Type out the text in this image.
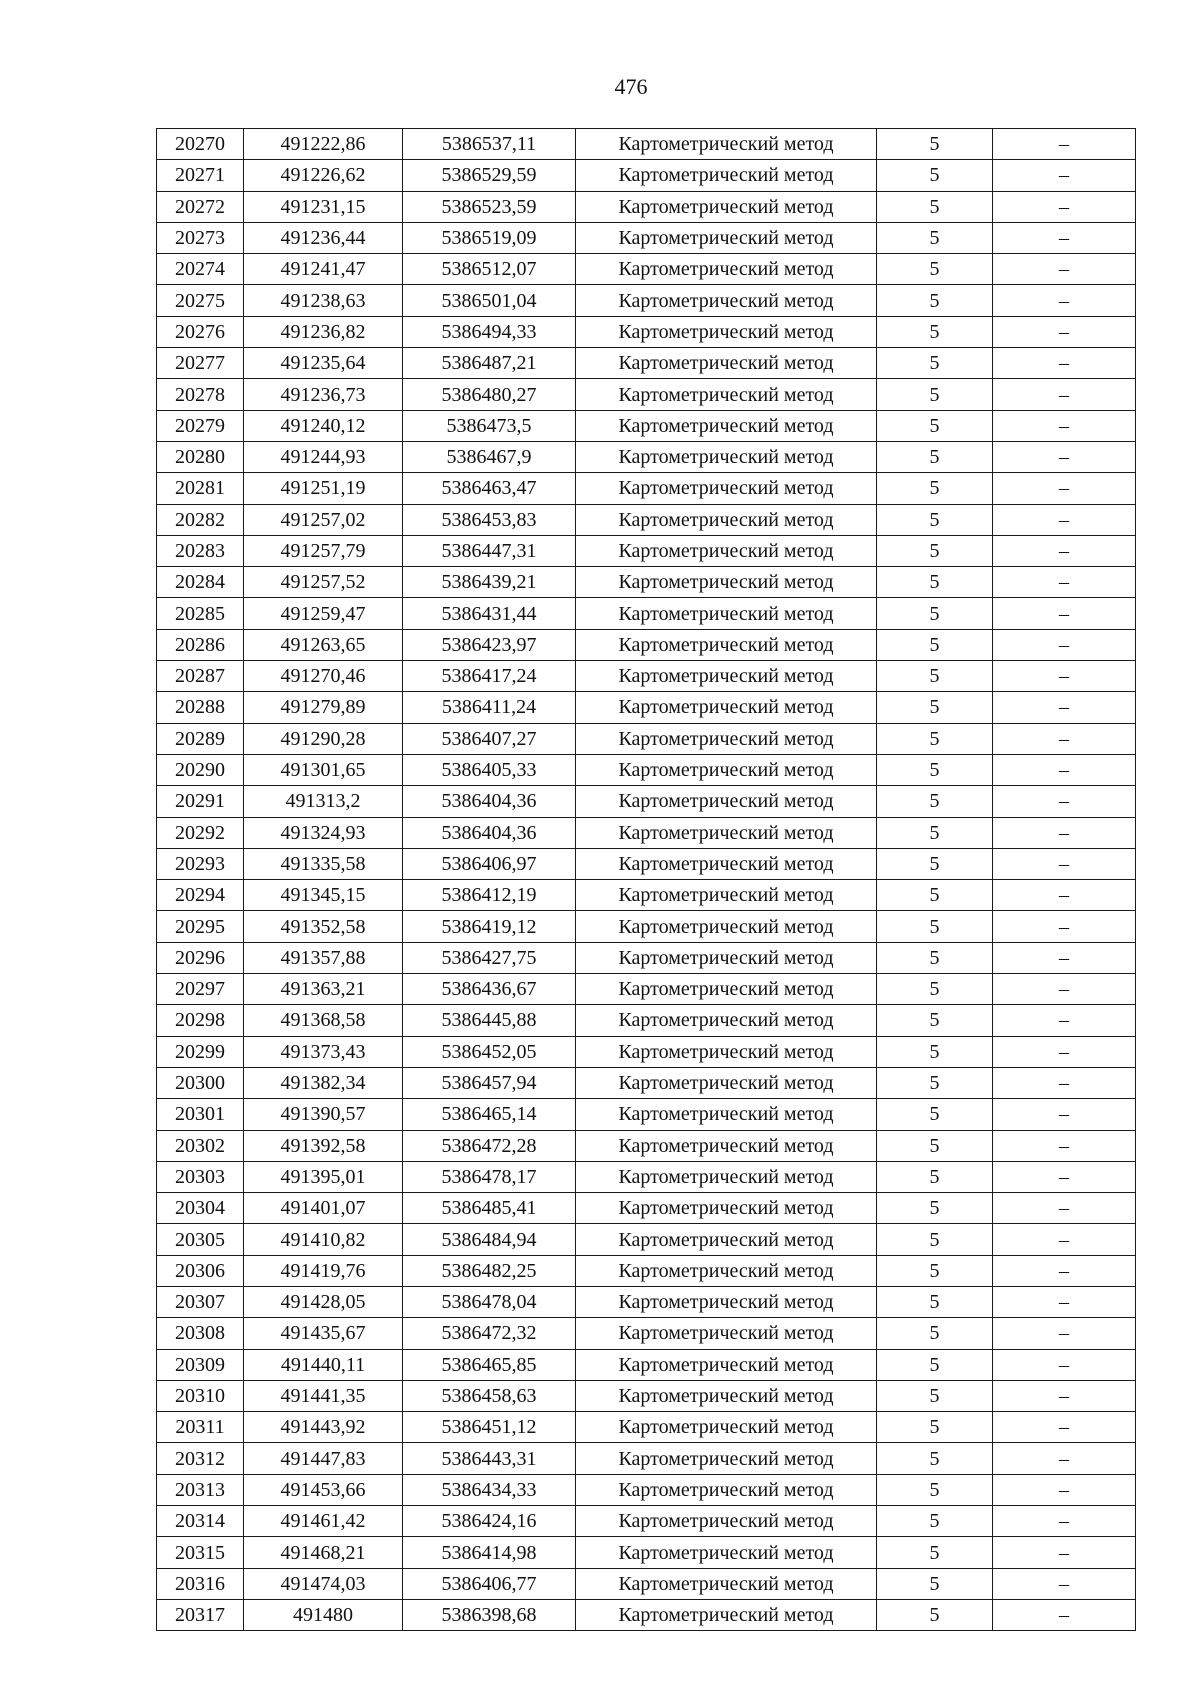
476
20270	491222,86	5386537,11	Картометрический метод	5	–
20271	491226,62	5386529,59	Картометрический метод	5	–
20272	491231,15	5386523,59	Картометрический метод	5	–
20273	491236,44	5386519,09	Картометрический метод	5	–
20274	491241,47	5386512,07	Картометрический метод	5	–
20275	491238,63	5386501,04	Картометрический метод	5	–
20276	491236,82	5386494,33	Картометрический метод	5	–
20277	491235,64	5386487,21	Картометрический метод	5	–
20278	491236,73	5386480,27	Картометрический метод	5	–
20279	491240,12	5386473,5	Картометрический метод	5	–
20280	491244,93	5386467,9	Картометрический метод	5	–
20281	491251,19	5386463,47	Картометрический метод	5	–
20282	491257,02	5386453,83	Картометрический метод	5	–
20283	491257,79	5386447,31	Картометрический метод	5	–
20284	491257,52	5386439,21	Картометрический метод	5	–
20285	491259,47	5386431,44	Картометрический метод	5	–
20286	491263,65	5386423,97	Картометрический метод	5	–
20287	491270,46	5386417,24	Картометрический метод	5	–
20288	491279,89	5386411,24	Картометрический метод	5	–
20289	491290,28	5386407,27	Картометрический метод	5	–
20290	491301,65	5386405,33	Картометрический метод	5	–
20291	491313,2	5386404,36	Картометрический метод	5	–
20292	491324,93	5386404,36	Картометрический метод	5	–
20293	491335,58	5386406,97	Картометрический метод	5	–
20294	491345,15	5386412,19	Картометрический метод	5	–
20295	491352,58	5386419,12	Картометрический метод	5	–
20296	491357,88	5386427,75	Картометрический метод	5	–
20297	491363,21	5386436,67	Картометрический метод	5	–
20298	491368,58	5386445,88	Картометрический метод	5	–
20299	491373,43	5386452,05	Картометрический метод	5	–
20300	491382,34	5386457,94	Картометрический метод	5	–
20301	491390,57	5386465,14	Картометрический метод	5	–
20302	491392,58	5386472,28	Картометрический метод	5	–
20303	491395,01	5386478,17	Картометрический метод	5	–
20304	491401,07	5386485,41	Картометрический метод	5	–
20305	491410,82	5386484,94	Картометрический метод	5	–
20306	491419,76	5386482,25	Картометрический метод	5	–
20307	491428,05	5386478,04	Картометрический метод	5	–
20308	491435,67	5386472,32	Картометрический метод	5	–
20309	491440,11	5386465,85	Картометрический метод	5	–
20310	491441,35	5386458,63	Картометрический метод	5	–
20311	491443,92	5386451,12	Картометрический метод	5	–
20312	491447,83	5386443,31	Картометрический метод	5	–
20313	491453,66	5386434,33	Картометрический метод	5	–
20314	491461,42	5386424,16	Картометрический метод	5	–
20315	491468,21	5386414,98	Картометрический метод	5	–
20316	491474,03	5386406,77	Картометрический метод	5	–
20317	491480	5386398,68	Картометрический метод	5	–
